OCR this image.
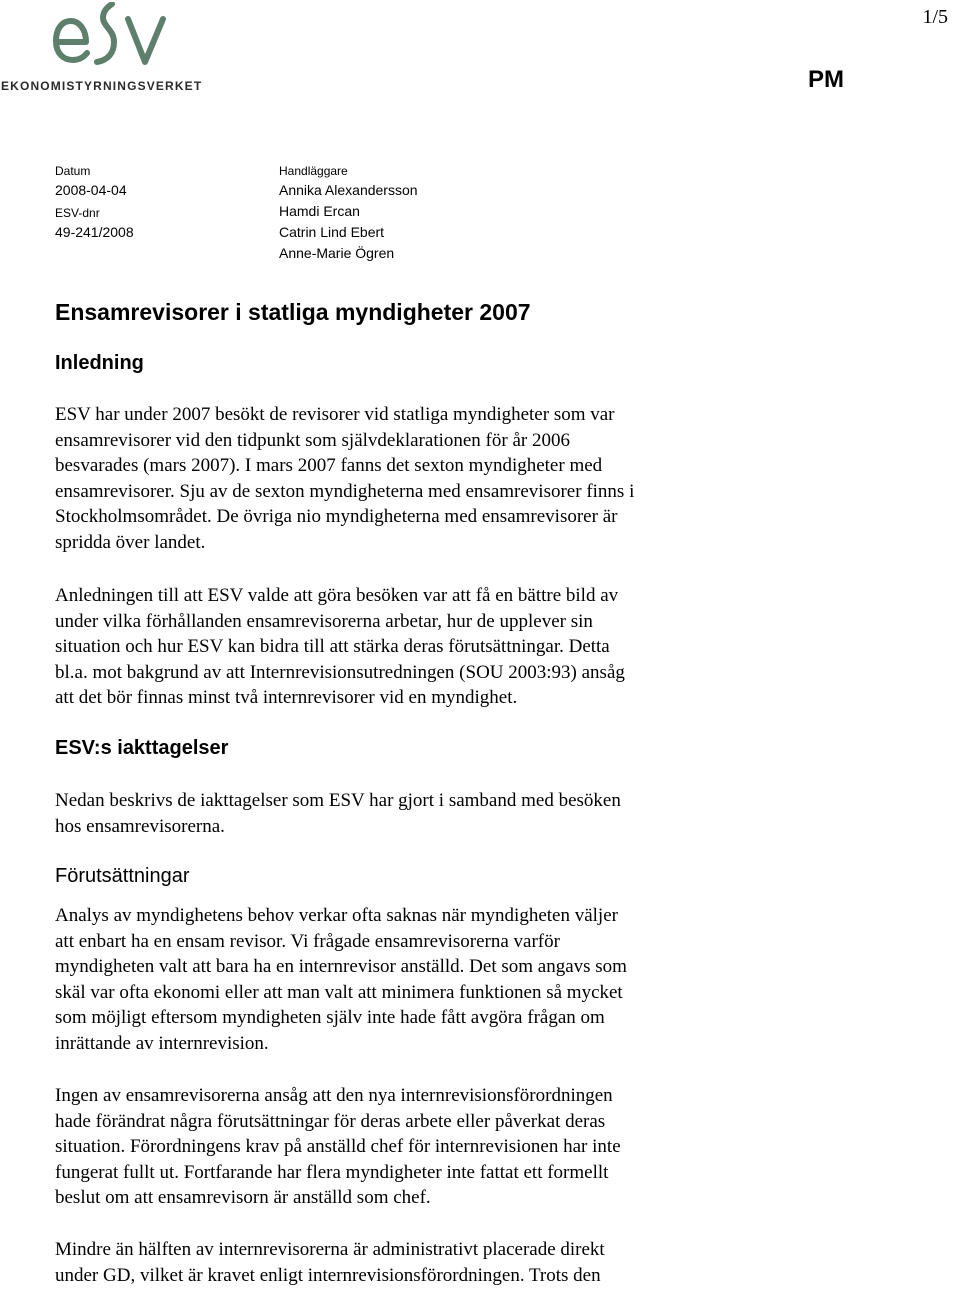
EKONOMISTYRNINGSVERKET
1/5
PM
Datum
2008-04-04
ESV-dnr
49-241/2008
Handläggare
Annika Alexandersson
Hamdi Ercan
Catrin Lind Ebert
Anne-Marie Ögren
Ensamrevisorer i statliga myndigheter 2007
Inledning
ESV har under 2007 besökt de revisorer vid statliga myndigheter som var
ensamrevisorer vid den tidpunkt som självdeklarationen för år 2006
besvarades (mars 2007). I mars 2007 fanns det sexton myndigheter med
ensamrevisorer. Sju av de sexton myndigheterna med ensamrevisorer finns i
Stockholmsområdet. De övriga nio myndigheterna med ensamrevisorer är
spridda över landet.
Anledningen till att ESV valde att göra besöken var att få en bättre bild av
under vilka förhållanden ensamrevisorerna arbetar, hur de upplever sin
situation och hur ESV kan bidra till att stärka deras förutsättningar. Detta
bl.a. mot bakgrund av att Internrevisionsutredningen (SOU 2003:93) ansåg
att det bör finnas minst två internrevisorer vid en myndighet.
ESV:s iakttagelser
Nedan beskrivs de iakttagelser som ESV har gjort i samband med besöken
hos ensamrevisorerna.
Förutsättningar
Analys av myndighetens behov verkar ofta saknas när myndigheten väljer
att enbart ha en ensam revisor. Vi frågade ensamrevisorerna varför
myndigheten valt att bara ha en internrevisor anställd. Det som angavs som
skäl var ofta ekonomi eller att man valt att minimera funktionen så mycket
som möjligt eftersom myndigheten själv inte hade fått avgöra frågan om
inrättande av internrevision.
Ingen av ensamrevisorerna ansåg att den nya internrevisionsförordningen
hade förändrat några förutsättningar för deras arbete eller påverkat deras
situation. Förordningens krav på anställd chef för internrevisionen har inte
fungerat fullt ut. Fortfarande har flera myndigheter inte fattat ett formellt
beslut om att ensamrevisorn är anställd som chef.
Mindre än hälften av internrevisorerna är administrativt placerade direkt
under GD, vilket är kravet enligt internrevisionsförordningen. Trots den
